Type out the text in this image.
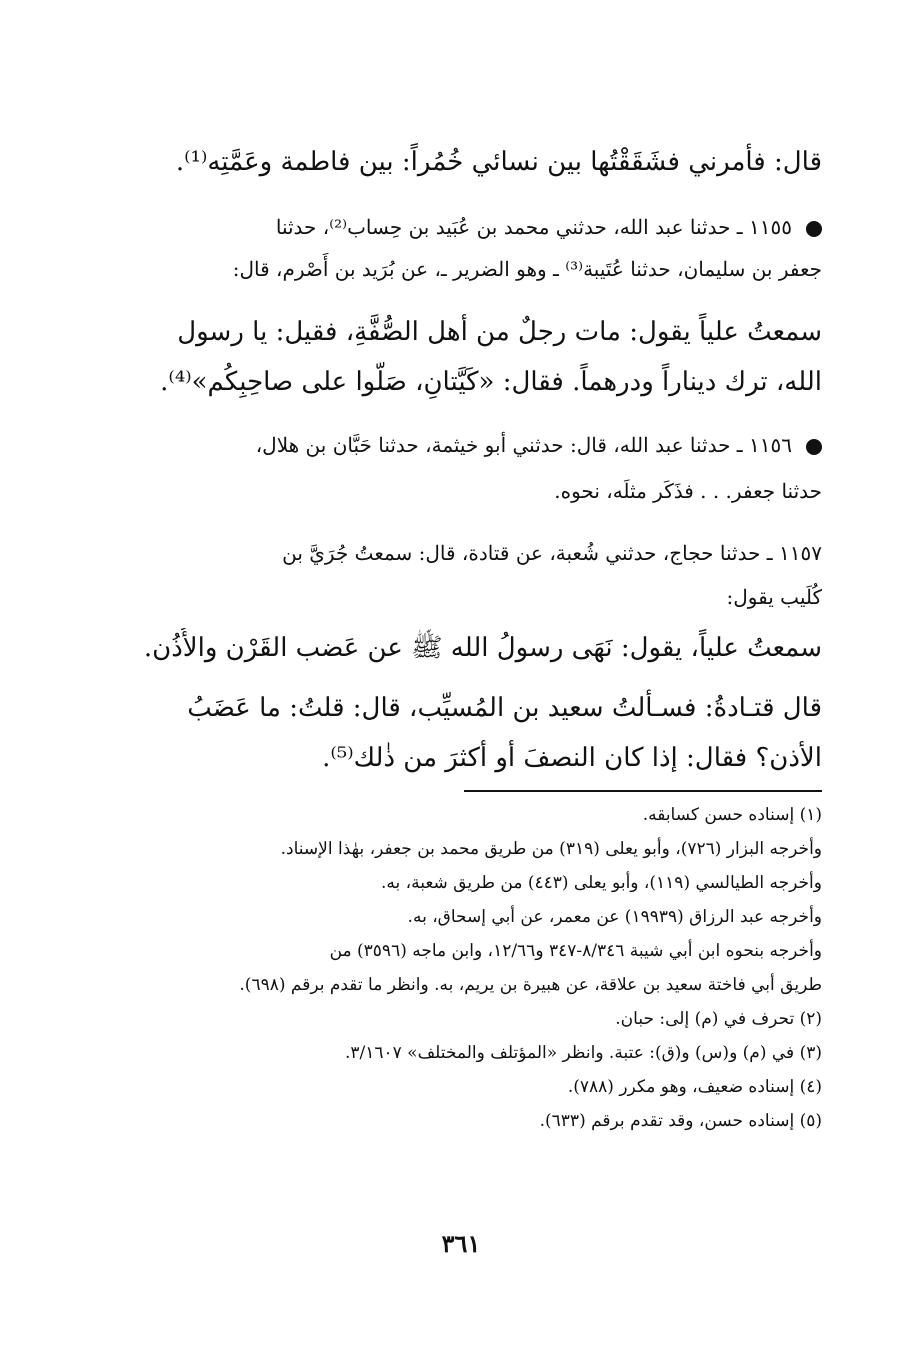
قال: فأمرني فشَقَقْتُها بين نسائي خُمُراً: بين فاطمة وعَمَّتِه⁽¹⁾.
١١٥٥ ـ حدثنا عبد الله، حدثني محمد بن عُبَيد بن حِساب⁽²⁾، حدثنا
جعفر بن سليمان، حدثنا عُتَيبة⁽³⁾ ـ وهو الضرير ـ، عن بُرَيد بن أَصْرم، قال:
سمعتُ علياً يقول: مات رجلٌ من أهل الصُّفَّةِ، فقيل: يا رسول
الله، ترك ديناراً ودرهماً. فقال: «كَيَّتانِ، صَلُّوا على صاحِبِكُم»⁽⁴⁾.
١١٥٦ ـ حدثنا عبد الله، قال: حدثني أبو خيثمة، حدثنا حَبَّان بن هلال،
حدثنا جعفر. . . فذَكَر مثلَه، نحوه.
١١٥٧ ـ حدثنا حجاج، حدثني شُعبة، عن قتادة، قال: سمعتُ جُرَيَّ بن
كُلَيب يقول:
سمعتُ علياً، يقول: نَهَى رسولُ الله ﷺ عن عَضب القَرْن والأُذُن.
قال قتـادةُ: فسـألتُ سعيد بن المُسيِّب، قال: قلتُ: ما عَضَبُ
الأذن؟ فقال: إذا كان النصفَ أو أكثرَ من ذٰلك⁽⁵⁾.
(١) إسناده حسن كسابقه.
وأخرجه البزار (٧٢٦)، وأبو يعلى (٣١٩) من طريق محمد بن جعفر، بهٰذا الإسناد.
وأخرجه الطيالسي (١١٩)، وأبو يعلى (٤٤٣) من طريق شعبة، به.
وأخرجه عبد الرزاق (١٩٩٣٩) عن معمر، عن أبي إسحاق، به.
وأخرجه بنحوه ابن أبي شيبة ٨/٣٤٦-٣٤٧ و١٢/٦٦، وابن ماجه (٣٥٩٦) من
طريق أبي فاختة سعيد بن علاقة، عن هبيرة بن يريم، به. وانظر ما تقدم برقم (٦٩٨).
(٢) تحرف في (م) إلى: حبان.
(٣) في (م) و(س) و(ق): عتبة. وانظر «المؤتلف والمختلف» ٣/١٦٠٧.
(٤) إسناده ضعيف، وهو مكرر (٧٨٨).
(٥) إسناده حسن، وقد تقدم برقم (٦٣٣).
٣٦١
